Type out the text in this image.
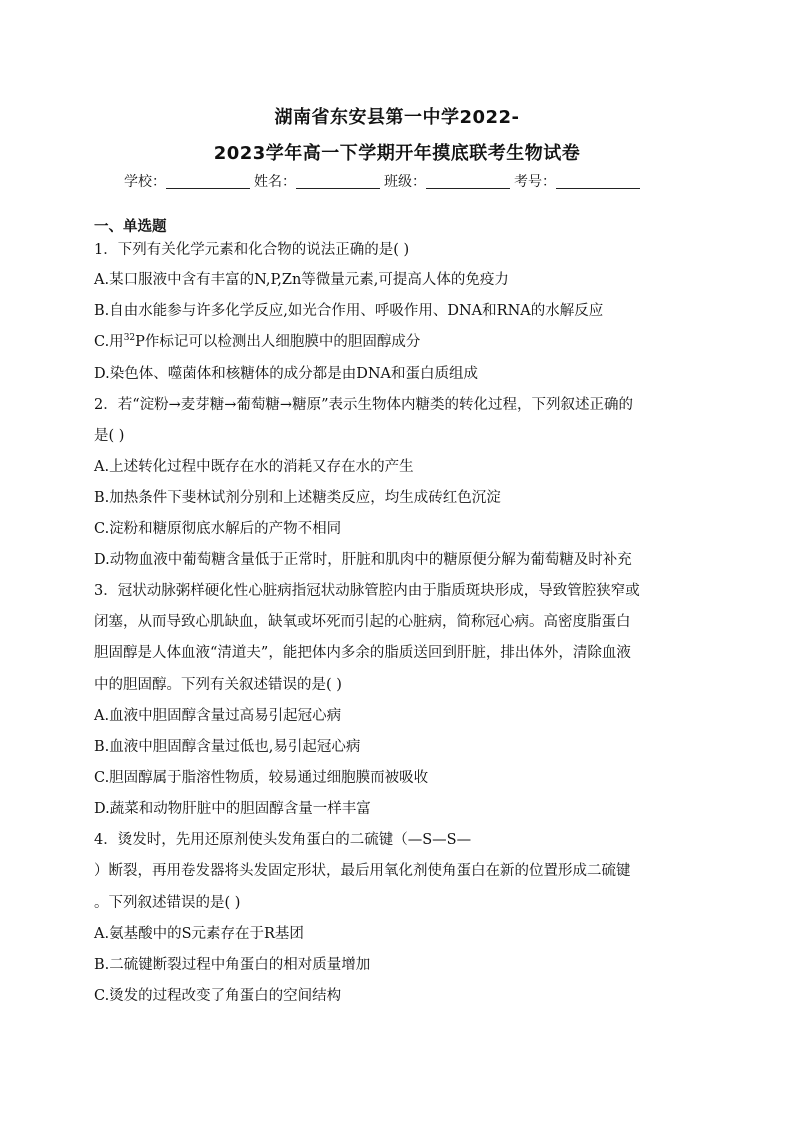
湖南省东安县第一中学2022-
2023学年高一下学期开年摸底联考生物试卷
学校：	姓名：	班级：	考号：
一、单选题
1．下列有关化学元素和化合物的说法正确的是( )
A.某口服液中含有丰富的N,P,Zn等微量元素,可提高人体的免疫力
B.自由水能参与许多化学反应,如光合作用、呼吸作用、DNA和RNA的水解反应
C.用$^{32}$P作标记可以检测出人细胞膜中的胆固醇成分
D.染色体、噬菌体和核糖体的成分都是由DNA和蛋白质组成
2．若“淀粉→麦芽糖→葡萄糖→糖原”表示生物体内糖类的转化过程，下列叙述正确的
是( )
A.上述转化过程中既存在水的消耗又存在水的产生
B.加热条件下斐林试剂分别和上述糖类反应，均生成砖红色沉淀
C.淀粉和糖原彻底水解后的产物不相同
D.动物血液中葡萄糖含量低于正常时，肝脏和肌肉中的糖原便分解为葡萄糖及时补充
3．冠状动脉粥样硬化性心脏病指冠状动脉管腔内由于脂质斑块形成，导致管腔狭窄或
闭塞，从而导致心肌缺血，缺氧或坏死而引起的心脏病，简称冠心病。高密度脂蛋白
胆固醇是人体血液“清道夫”，能把体内多余的脂质送回到肝脏，排出体外，清除血液
中的胆固醇。下列有关叙述错误的是( )
A.血液中胆固醇含量过高易引起冠心病
B.血液中胆固醇含量过低也,易引起冠心病
C.胆固醇属于脂溶性物质，较易通过细胞膜而被吸收
D.蔬菜和动物肝脏中的胆固醇含量一样丰富
4．烫发时，先用还原剂使头发角蛋白的二硫键（—S—S—
）断裂，再用卷发器将头发固定形状，最后用氧化剂使角蛋白在新的位置形成二硫键
。下列叙述错误的是( )
A.氨基酸中的S元素存在于R基团
B.二硫键断裂过程中角蛋白的相对质量增加
C.烫发的过程改变了角蛋白的空间结构
